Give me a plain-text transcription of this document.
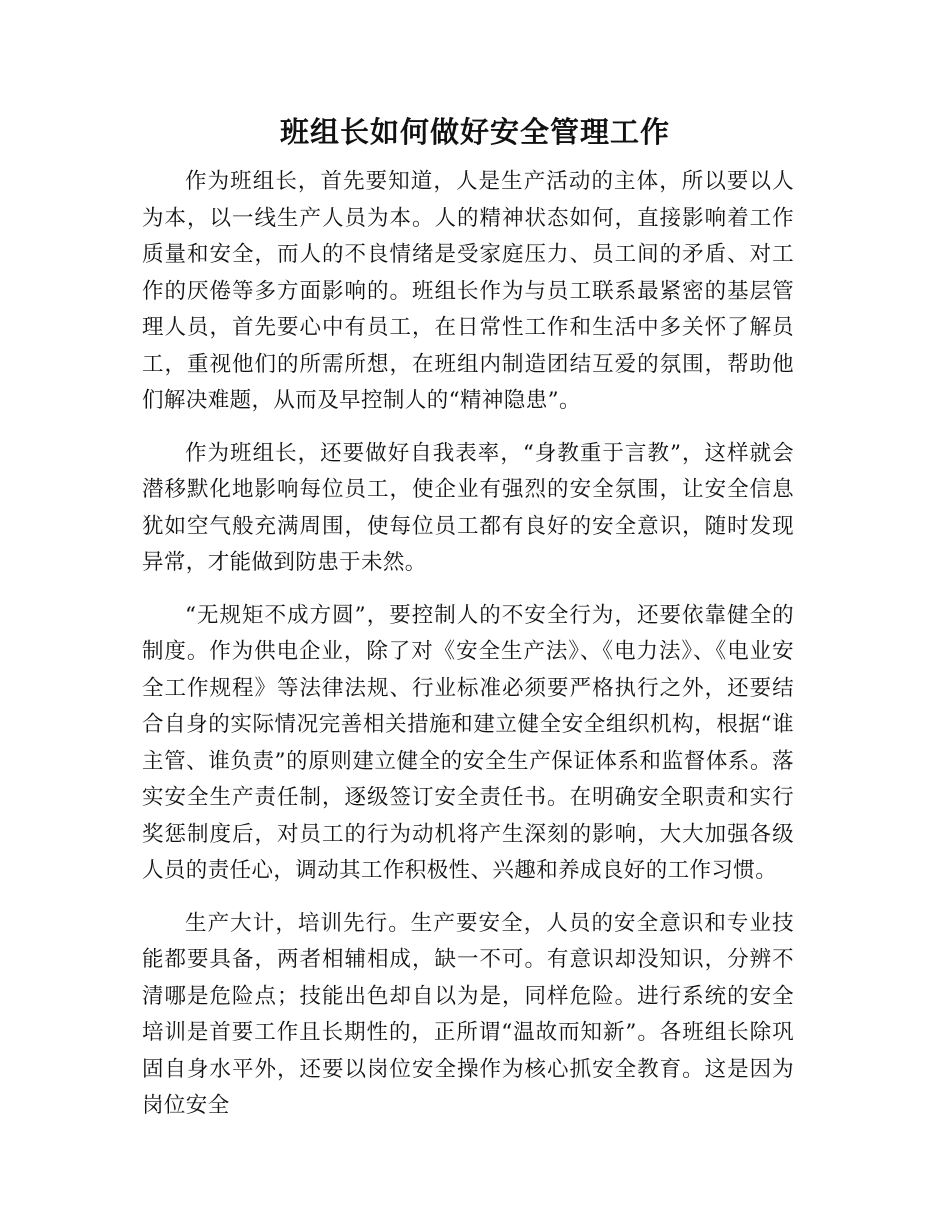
班组长如何做好安全管理工作

作为班组长，首先要知道，人是生产活动的主体，所以要以人为本，以一线生产人员为本。人的精神状态如何，直接影响着工作质量和安全，而人的不良情绪是受家庭压力、员工间的矛盾、对工作的厌倦等多方面影响的。班组长作为与员工联系最紧密的基层管理人员，首先要心中有员工，在日常性工作和生活中多关怀了解员工，重视他们的所需所想，在班组内制造团结互爱的氛围，帮助他们解决难题，从而及早控制人的“精神隐患”。

作为班组长，还要做好自我表率，“身教重于言教”，这样就会潜移默化地影响每位员工，使企业有强烈的安全氛围，让安全信息犹如空气般充满周围，使每位员工都有良好的安全意识，随时发现异常，才能做到防患于未然。

“无规矩不成方圆”，要控制人的不安全行为，还要依靠健全的制度。作为供电企业，除了对《安全生产法》、《电力法》、《电业安全工作规程》等法律法规、行业标准必须要严格执行之外，还要结合自身的实际情况完善相关措施和建立健全安全组织机构，根据“谁主管、谁负责”的原则建立健全的安全生产保证体系和监督体系。落实安全生产责任制，逐级签订安全责任书。在明确安全职责和实行奖惩制度后，对员工的行为动机将产生深刻的影响，大大加强各级人员的责任心，调动其工作积极性、兴趣和养成良好的工作习惯。

生产大计，培训先行。生产要安全，人员的安全意识和专业技能都要具备，两者相辅相成，缺一不可。有意识却没知识，分辨不清哪是危险点；技能出色却自以为是，同样危险。进行系统的安全培训是首要工作且长期性的，正所谓“温故而知新”。各班组长除巩固自身水平外，还要以岗位安全操作为核心抓安全教育。这是因为岗位安全
